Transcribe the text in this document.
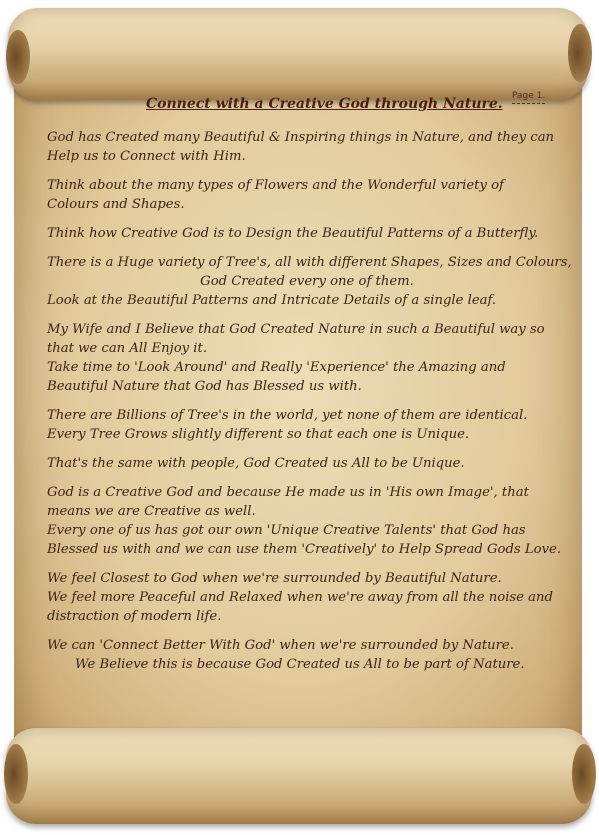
Connect with a Creative God through Nature. Page 1.

God has Created many Beautiful & Inspiring things in Nature, and they can
Help us to Connect with Him.

Think about the many types of Flowers and the Wonderful variety of
Colours and Shapes.

Think how Creative God is to Design the Beautiful Patterns of a Butterfly.

There is a Huge variety of Tree's, all with different Shapes, Sizes and Colours,
God Created every one of them.
Look at the Beautiful Patterns and Intricate Details of a single leaf.

My Wife and I Believe that God Created Nature in such a Beautiful way so
that we can All Enjoy it.
Take time to 'Look Around' and Really 'Experience' the Amazing and
Beautiful Nature that God has Blessed us with.

There are Billions of Tree's in the world, yet none of them are identical.
Every Tree Grows slightly different so that each one is Unique.

That's the same with people, God Created us All to be Unique.

God is a Creative God and because He made us in 'His own Image', that
means we are Creative as well.
Every one of us has got our own 'Unique Creative Talents' that God has
Blessed us with and we can use them 'Creatively' to Help Spread Gods Love.

We feel Closest to God when we're surrounded by Beautiful Nature.
We feel more Peaceful and Relaxed when we're away from all the noise and
distraction of modern life.

We can 'Connect Better With God' when we're surrounded by Nature.
We Believe this is because God Created us All to be part of Nature.
